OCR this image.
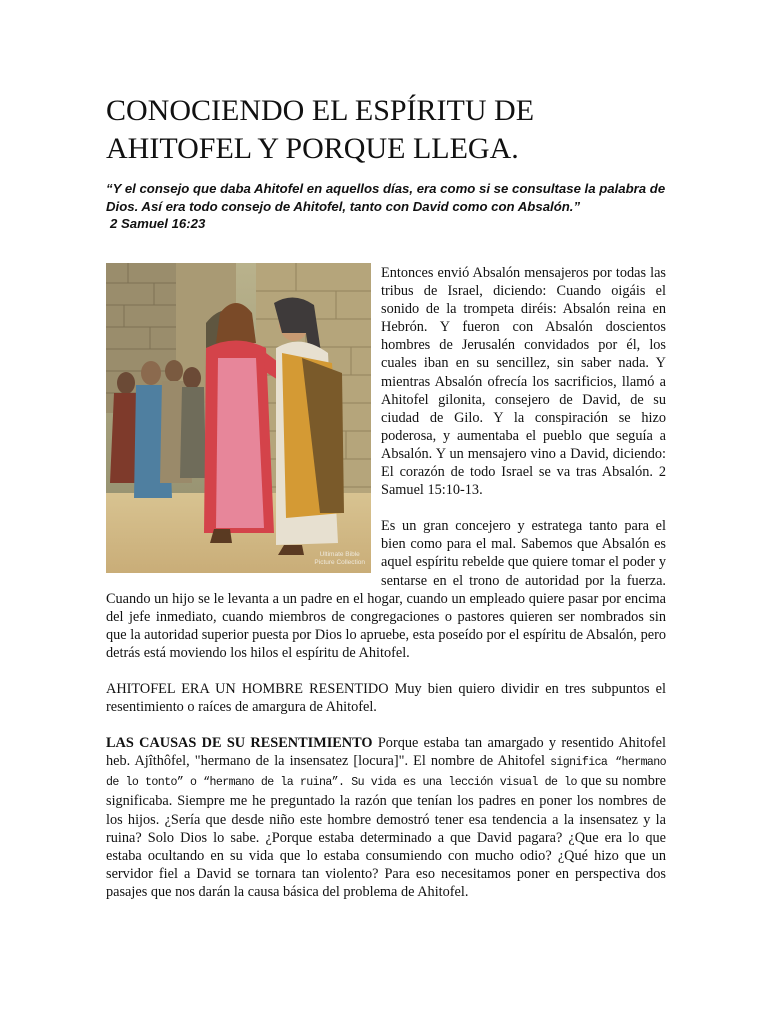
CONOCIENDO EL ESPÍRITU DE AHITOFEL Y PORQUE LLEGA.

“Y el consejo que daba Ahitofel en aquellos días, era como si se consultase la palabra de Dios. Así era todo consejo de Ahitofel, tanto con David como con Absalón.”
2 Samuel 16:23

Ultimate Bible
Picture Collection

Entonces envió Absalón mensajeros por todas las tribus de Israel, diciendo: Cuando oigáis el sonido de la trompeta diréis: Absalón reina en Hebrón. Y fueron con Absalón doscientos hombres de Jerusalén convidados por él, los cuales iban en su sencillez, sin saber nada. Y mientras Absalón ofrecía los sacrificios, llamó a Ahitofel gilonita, consejero de David, de su ciudad de Gilo. Y la conspiración se hizo poderosa, y aumentaba el pueblo que seguía a Absalón. Y un mensajero vino a David, diciendo: El corazón de todo Israel se va tras Absalón. 2 Samuel 15:10-13.

Es un gran concejero y estratega tanto para el bien como para el mal. Sabemos que Absalón es aquel espíritu rebelde que quiere tomar el poder y sentarse en el trono de autoridad por la fuerza. Cuando un hijo se le levanta a un padre en el hogar, cuando un empleado quiere pasar por encima del jefe inmediato, cuando miembros de congregaciones o pastores quieren ser nombrados sin que la autoridad superior puesta por Dios lo apruebe, esta poseído por el espíritu de Absalón, pero detrás está moviendo los hilos el espíritu de Ahitofel.

AHITOFEL ERA UN HOMBRE RESENTIDO Muy bien quiero dividir en tres subpuntos el resentimiento o raíces de amargura de Ahitofel.

LAS CAUSAS DE SU RESENTIMIENTO Porque estaba tan amargado y resentido Ahitofel heb. Ajîthôfel, "hermano de la insensatez [locura]". El nombre de Ahitofel significa “hermano de lo tonto” o “hermano de la ruina”. Su vida es una lección visual de lo que su nombre significaba. Siempre me he preguntado la razón que tenían los padres en poner los nombres de los hijos. ¿Sería que desde niño este hombre demostró tener esa tendencia a la insensatez y la ruina? Solo Dios lo sabe. ¿Porque estaba determinado a que David pagara? ¿Que era lo que estaba ocultando en su vida que lo estaba consumiendo con mucho odio? ¿Qué hizo que un servidor fiel a David se tornara tan violento? Para eso necesitamos poner en perspectiva dos pasajes que nos darán la causa básica del problema de Ahitofel.
